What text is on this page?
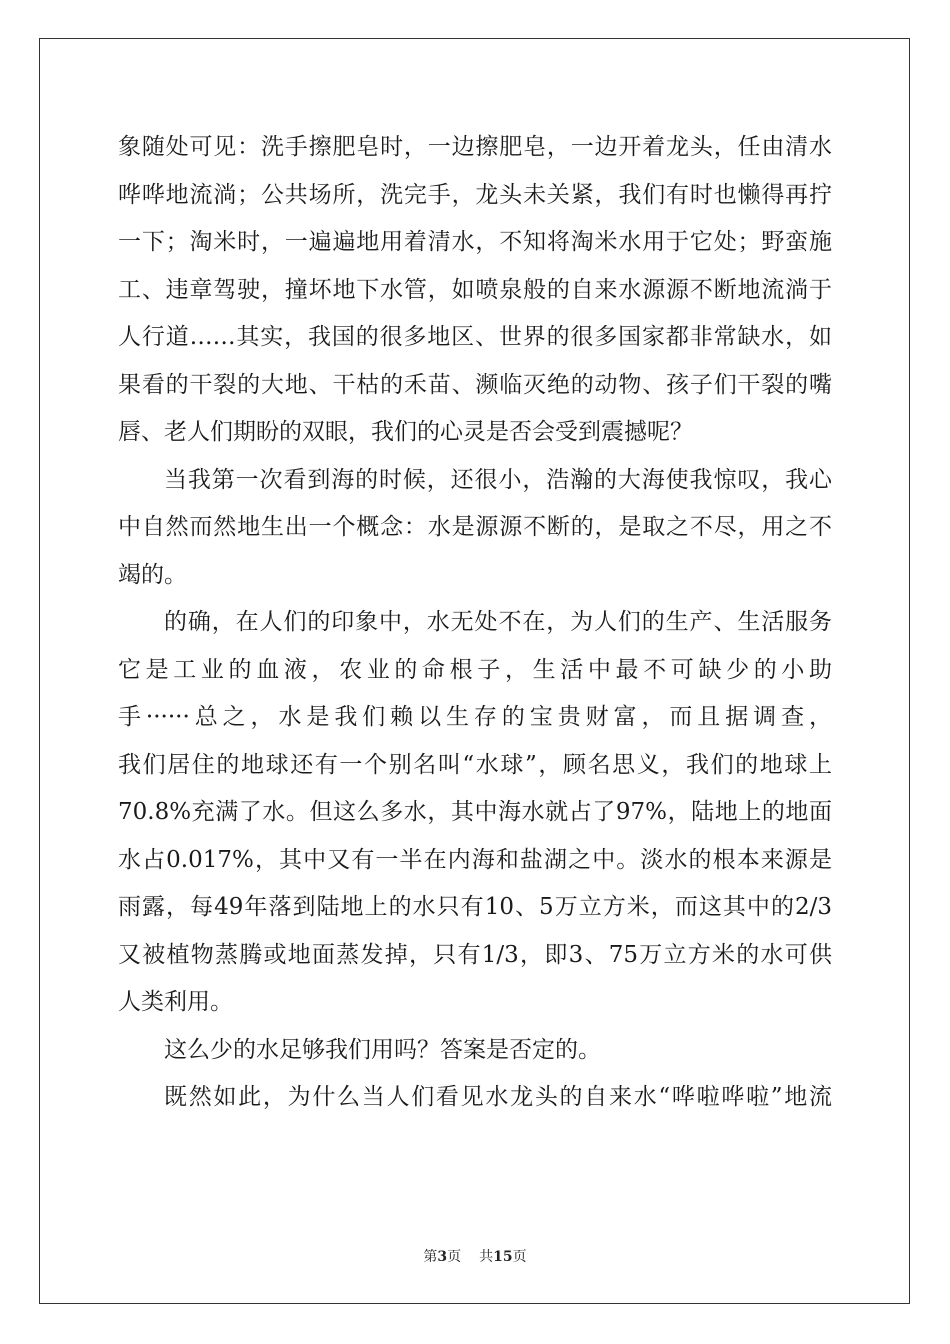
象随处可见：洗手擦肥皂时，一边擦肥皂，一边开着龙头，任由清水
哗哗地流淌；公共场所，洗完手，龙头未关紧，我们有时也懒得再拧
一下；淘米时，一遍遍地用着清水，不知将淘米水用于它处；野蛮施
工、违章驾驶，撞坏地下水管，如喷泉般的自来水源源不断地流淌于
人行道……其实，我国的很多地区、世界的很多国家都非常缺水，如
果看的干裂的大地、干枯的禾苗、濒临灭绝的动物、孩子们干裂的嘴
唇、老人们期盼的双眼，我们的心灵是否会受到震撼呢？
当我第一次看到海的时候，还很小，浩瀚的大海使我惊叹，我心
中自然而然地生出一个概念：水是源源不断的，是取之不尽，用之不
竭的。
的确，在人们的印象中，水无处不在，为人们的生产、生活服务
它是工业的血液，农业的命根子，生活中最不可缺少的小助
手······总之，水是我们赖以生存的宝贵财富，而且据调查，
我们居住的地球还有一个别名叫“水球”，顾名思义，我们的地球上
70.8%充满了水。但这么多水，其中海水就占了97%，陆地上的地面
水占0.017%，其中又有一半在内海和盐湖之中。淡水的根本来源是
雨露，每49年落到陆地上的水只有10、5万立方米，而这其中的2/3
又被植物蒸腾或地面蒸发掉，只有1/3，即3、75万立方米的水可供
人类利用。
这么少的水足够我们用吗？答案是否定的。
既然如此，为什么当人们看见水龙头的自来水“哗啦哗啦”地流
第3页 共15页
